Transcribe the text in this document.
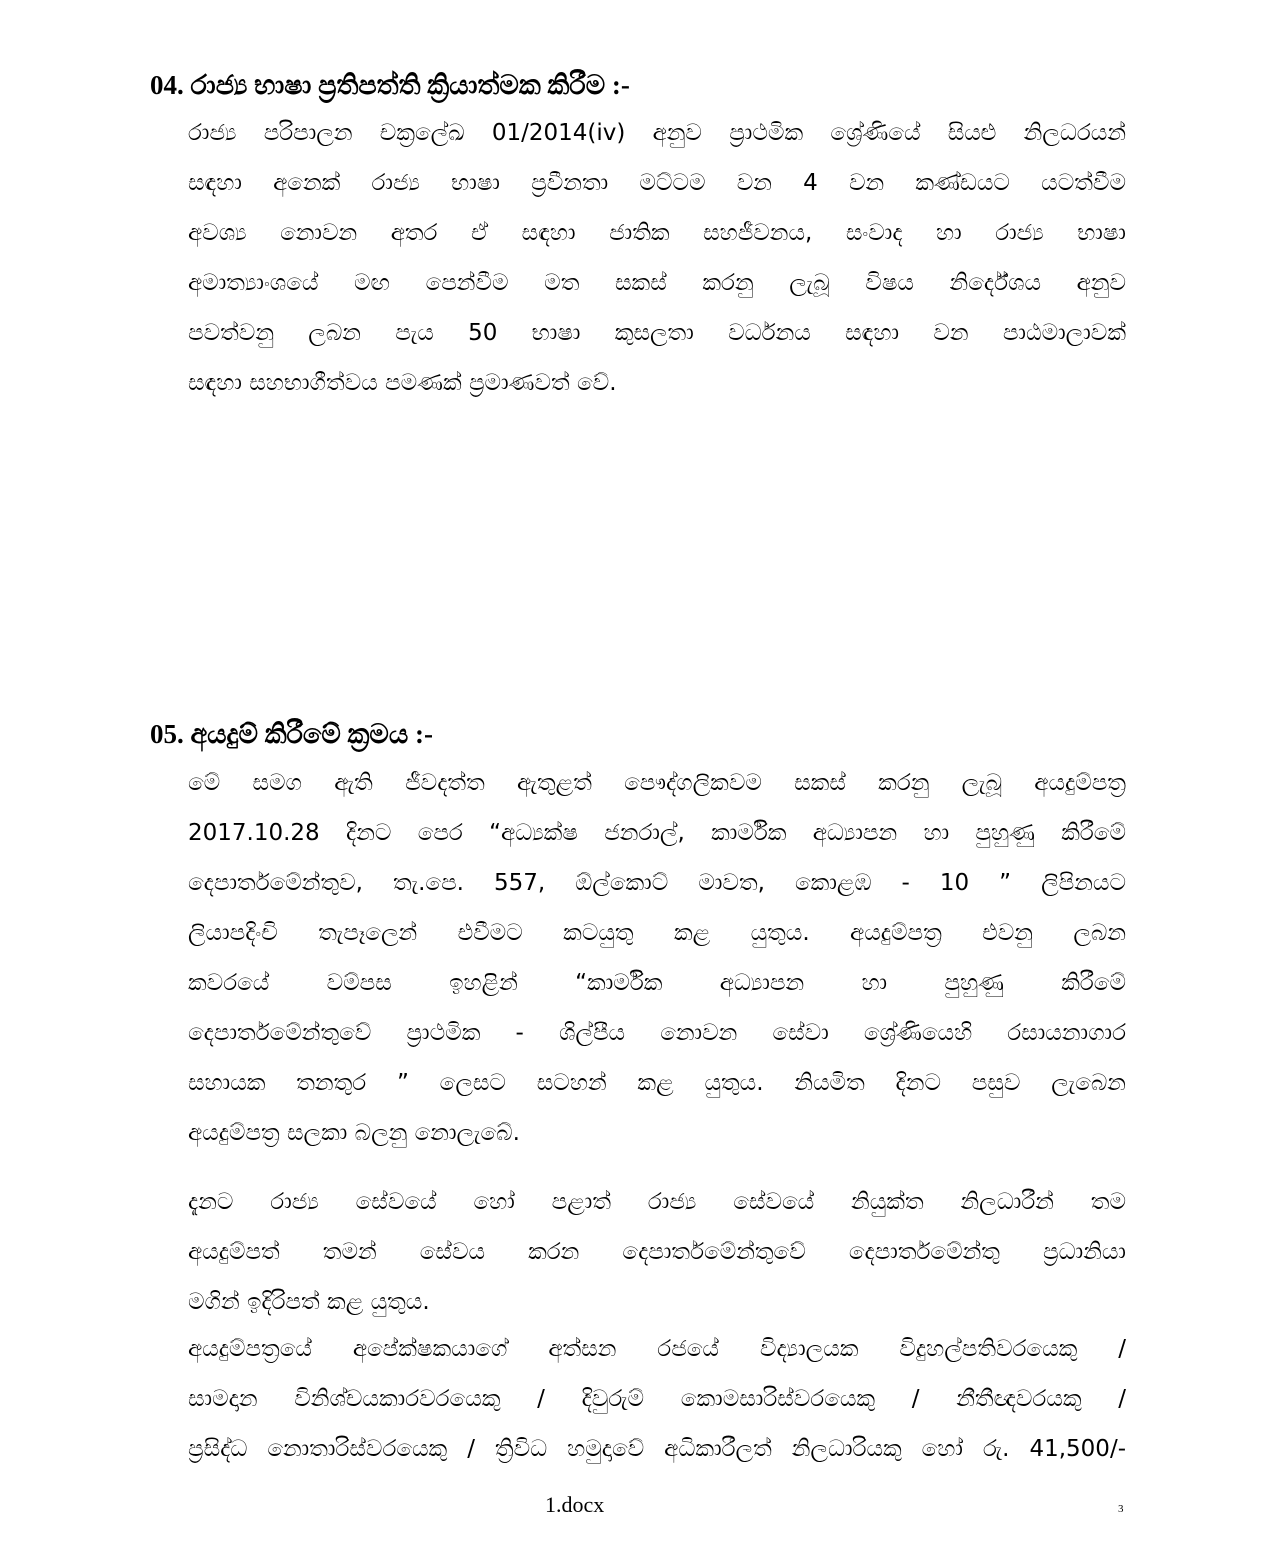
04. රාජ්‍ය භාෂා ප්‍රතිපත්ති ක්‍රියාත්මක කිරීම :-
රාජ්‍ය පරිපාලන චක්‍රලේඛ 01/2014(iv) අනුව ප්‍රාථමික ශ්‍රේණියේ සියළු නිලධරයන්
සඳහා අනෙක් රාජ්‍ය භාෂා ප්‍රවීනතා මට්ටම වන 4 වන කණ්ඩයට යටත්වීම
අවශ්‍ය නොවන අතර ඒ සඳහා ජාතික සහජීවනය, සංවාද හා රාජ්‍ය භාෂා
අමාත්‍යාංශයේ මඟ පෙන්වීම මත සකස් කරනු ලැබූ විෂය නිර්දේශය අනුව
පවත්වනු ලබන පැය 50 භාෂා කුසලතා වර්ධනය සඳහා වන පාඨමාලාවක්
සඳහා සහභාගීත්වය පමණක් ප්‍රමාණවත් වේ.
05. අයදුම් කිරීමේ ක්‍රමය :-
මේ සමග ඇති ජීවදත්ත ඇතුළත් පෞද්ගලිකවම සකස් කරනු ලැබූ අයදුම්පත්‍ර
2017.10.28 දිනට පෙර “අධ්‍යක්ෂ ජනරාල්, කාර්මික අධ්‍යාපන හා පුහුණු කිරීමේ
දෙපාර්තමේන්තුව, තැ.පෙ. 557, ඕල්කොට් මාවත, කොළඹ - 10 ” ලිපිනයට
ලියාපදිංචි තැපෑලෙන් එවීමට කටයුතු කළ යුතුය. අයදුම්පත්‍ර එවනු ලබන
කවරයේ වම්පස ඉහළින් “කාර්මික අධ්‍යාපන හා පුහුණු කිරීමේ
දෙපාර්තමේන්තුවේ ප්‍රාථමික - ශිල්පීය නොවන සේවා ශ්‍රේණියෙහි රසායනාගාර
සහායක තනතුර ” ලෙසට සටහන් කළ යුතුය. නියමිත දිනට පසුව ලැබෙන
අයදුම්පත්‍ර සලකා බලනු නොලැබේ.
දැනට රාජ්‍ය සේවයේ හෝ පළාත් රාජ්‍ය සේවයේ නියුක්ත නිලධාරීන් තම
අයදුම්පත් තමන් සේවය කරන දෙපාර්තමේන්තුවේ දෙපාර්තමේන්තු ප්‍රධානියා
මගින් ඉදිරිපත් කළ යුතුය.
අයදුම්පත්‍රයේ අපේක්ෂකයාගේ අත්සන රජයේ විද්‍යාලයක විදුහල්පතිවරයෙකු /
සාමදාන විනිශ්චයකාරවරයෙකු / දිවුරුම් කොමසාරිස්වරයෙකු / නීතීඥවරයකු /
ප්‍රසිද්ධ නොතාරිස්වරයෙකු / ත්‍රිවිධ හමුදාවේ අධිකාරීලත් නිලධාරියකු හෝ රු. 41,500/-
1.docx	3
